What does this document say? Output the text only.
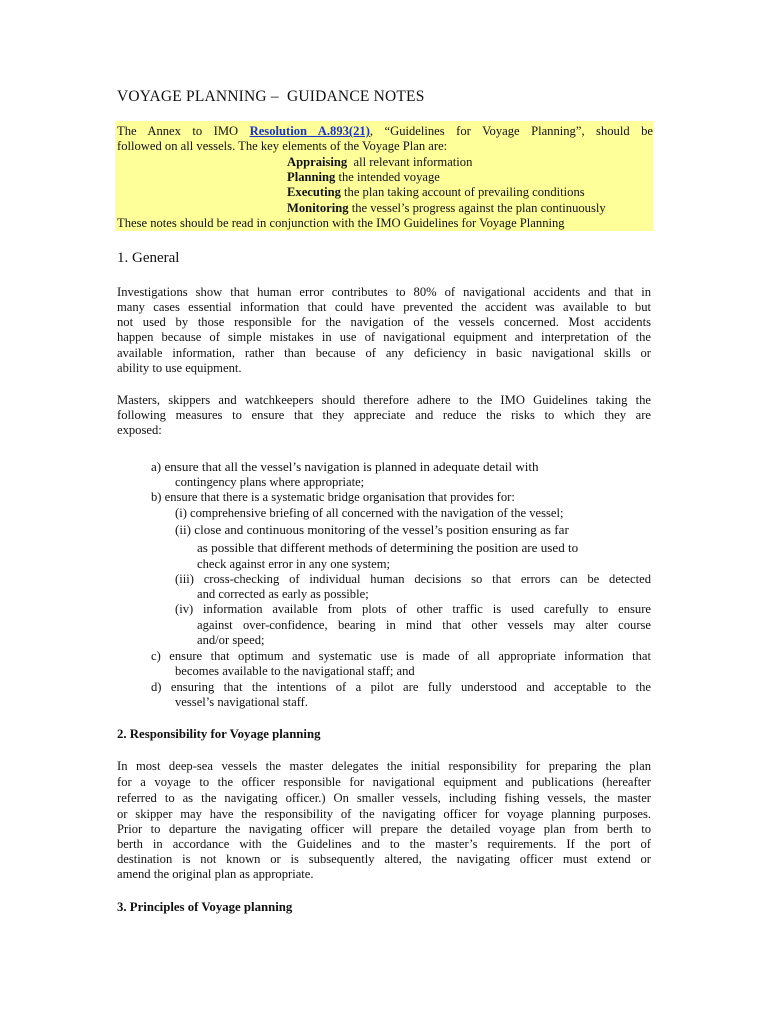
VOYAGE PLANNING –  GUIDANCE NOTES
The Annex to IMO Resolution A.893(21), “Guidelines for Voyage Planning”, should be
followed on all vessels. The key elements of the Voyage Plan are:
Appraising  all relevant information
Planning the intended voyage
Executing the plan taking account of prevailing conditions
Monitoring the vessel’s progress against the plan continuously
These notes should be read in conjunction with the IMO Guidelines for Voyage Planning
1. General
Investigations show that human error contributes to 80% of navigational accidents and that in
many cases essential information that could have prevented the accident was available to but
not used by those responsible for the navigation of the vessels concerned. Most accidents
happen because of simple mistakes in use of navigational equipment and interpretation of the
available information, rather than because of any deficiency in basic navigational skills or
ability to use equipment.
Masters, skippers and watchkeepers should therefore adhere to the IMO Guidelines taking the
following measures to ensure that they appreciate and reduce the risks to which they are
exposed:
a) ensure that all the vessel’s navigation is planned in adequate detail with
contingency plans where appropriate;
b) ensure that there is a systematic bridge organisation that provides for:
(i) comprehensive briefing of all concerned with the navigation of the vessel;
(ii) close and continuous monitoring of the vessel’s position ensuring as far
as possible that different methods of determining the position are used to
check against error in any one system;
(iii) cross-checking of individual human decisions so that errors can be detected
and corrected as early as possible;
(iv) information available from plots of other traffic is used carefully to ensure
against over-confidence, bearing in mind that other vessels may alter course
and/or speed;
c) ensure that optimum and systematic use is made of all appropriate information that
becomes available to the navigational staff; and
d) ensuring that the intentions of a pilot are fully understood and acceptable to the
vessel’s navigational staff.
2. Responsibility for Voyage planning
In most deep-sea vessels the master delegates the initial responsibility for preparing the plan
for a voyage to the officer responsible for navigational equipment and publications (hereafter
referred to as the navigating officer.) On smaller vessels, including fishing vessels, the master
or skipper may have the responsibility of the navigating officer for voyage planning purposes.
Prior to departure the navigating officer will prepare the detailed voyage plan from berth to
berth in accordance with the Guidelines and to the master’s requirements. If the port of
destination is not known or is subsequently altered, the navigating officer must extend or
amend the original plan as appropriate.
3. Principles of Voyage planning
